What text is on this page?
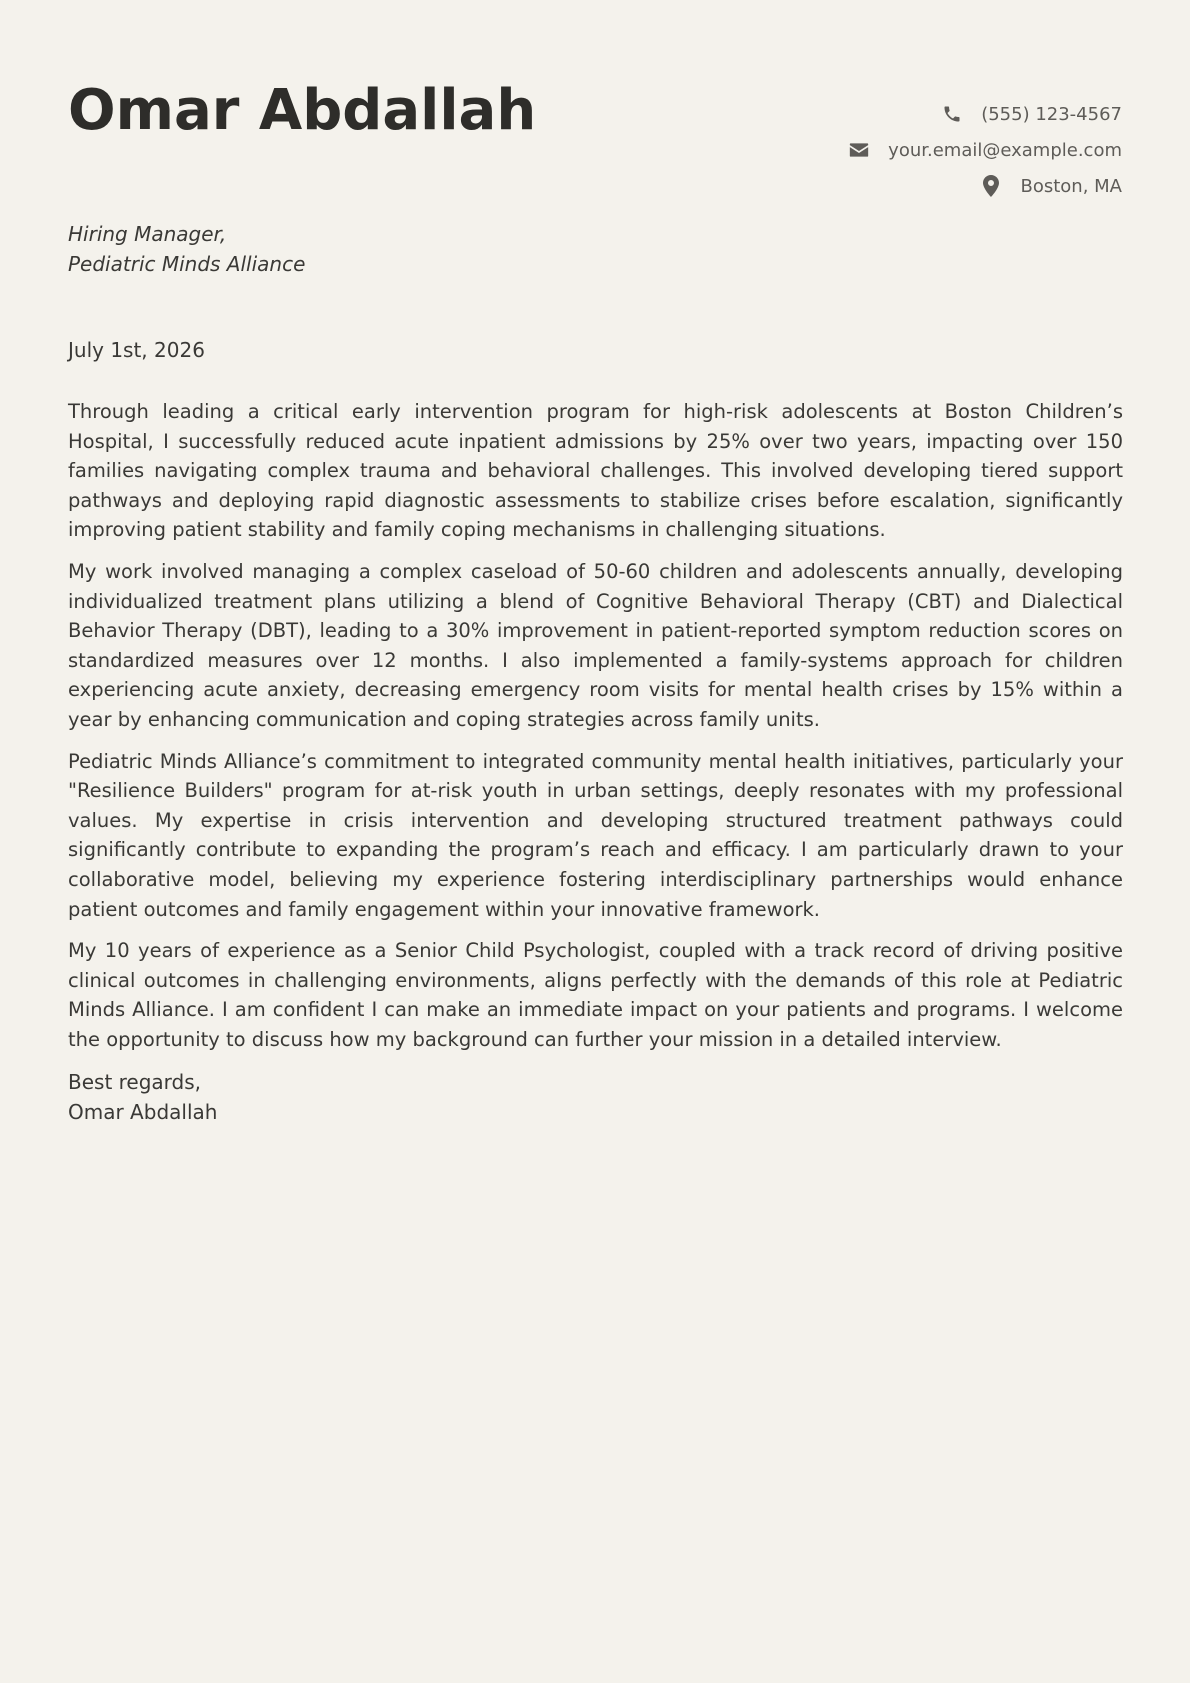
Omar Abdallah	(555) 123-4567
your.email@example.com
Boston, MA
Hiring Manager,
Pediatric Minds Alliance
July 1st, 2026

Through leading a critical early intervention program for high-risk adolescents at Boston Children’s Hospital, I successfully reduced acute inpatient admissions by 25% over two years, impacting over 150 families navigating complex trauma and behavioral challenges. This involved developing tiered support pathways and deploying rapid diagnostic assessments to stabilize crises before escalation, significantly improving patient stability and family coping mechanisms in challenging situations.

My work involved managing a complex caseload of 50-60 children and adolescents annually, developing individualized treatment plans utilizing a blend of Cognitive Behavioral Therapy (CBT) and Dialectical Behavior Therapy (DBT), leading to a 30% improvement in patient-reported symptom reduction scores on standardized measures over 12 months. I also implemented a family-systems approach for children experiencing acute anxiety, decreasing emergency room visits for mental health crises by 15% within a year by enhancing communication and coping strategies across family units.

Pediatric Minds Alliance’s commitment to integrated community mental health initiatives, particularly your "Resilience Builders" program for at-risk youth in urban settings, deeply resonates with my professional values. My expertise in crisis intervention and developing structured treatment pathways could significantly contribute to expanding the program’s reach and efficacy. I am particularly drawn to your collaborative model, believing my experience fostering interdisciplinary partnerships would enhance patient outcomes and family engagement within your innovative framework.

My 10 years of experience as a Senior Child Psychologist, coupled with a track record of driving positive clinical outcomes in challenging environments, aligns perfectly with the demands of this role at Pediatric Minds Alliance. I am confident I can make an immediate impact on your patients and programs. I welcome the opportunity to discuss how my background can further your mission in a detailed interview.

Best regards,
Omar Abdallah
